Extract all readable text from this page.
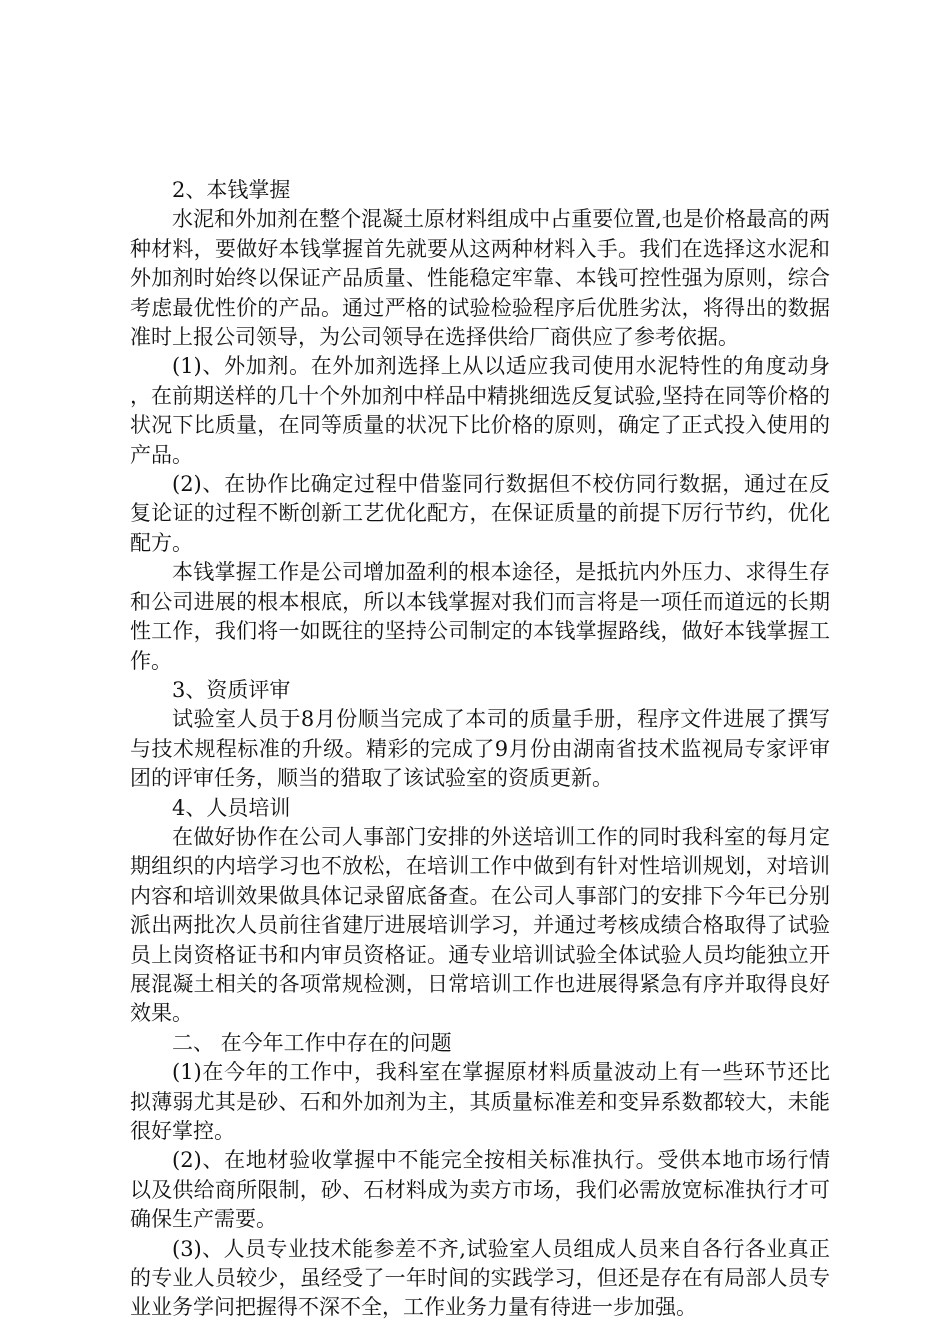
2、本钱掌握

水泥和外加剂在整个混凝土原材料组成中占重要位置,也是价格最高的两种材料，要做好本钱掌握首先就要从这两种材料入手。我们在选择这水泥和外加剂时始终以保证产品质量、性能稳定牢靠、本钱可控性强为原则，综合考虑最优性价的产品。通过严格的试验检验程序后优胜劣汰，将得出的数据准时上报公司领导，为公司领导在选择供给厂商供应了参考依据。

(1)、外加剂。在外加剂选择上从以适应我司使用水泥特性的角度动身，在前期送样的几十个外加剂中样品中精挑细选反复试验,坚持在同等价格的状况下比质量，在同等质量的状况下比价格的原则，确定了正式投入使用的产品。

(2)、在协作比确定过程中借鉴同行数据但不校仿同行数据，通过在反复论证的过程不断创新工艺优化配方，在保证质量的前提下厉行节约，优化配方。

本钱掌握工作是公司增加盈利的根本途径，是抵抗内外压力、求得生存和公司进展的根本根底，所以本钱掌握对我们而言将是一项任而道远的长期性工作，我们将一如既往的坚持公司制定的本钱掌握路线，做好本钱掌握工作。

3、资质评审

试验室人员于8月份顺当完成了本司的质量手册，程序文件进展了撰写与技术规程标准的升级。精彩的完成了9月份由湖南省技术监视局专家评审团的评审任务，顺当的猎取了该试验室的资质更新。

4、人员培训

在做好协作在公司人事部门安排的外送培训工作的同时我科室的每月定期组织的内培学习也不放松，在培训工作中做到有针对性培训规划，对培训内容和培训效果做具体记录留底备查。在公司人事部门的安排下今年已分别派出两批次人员前往省建厅进展培训学习，并通过考核成绩合格取得了试验员上岗资格证书和内审员资格证。通专业培训试验全体试验人员均能独立开展混凝土相关的各项常规检测，日常培训工作也进展得紧急有序并取得良好效果。

二、 在今年工作中存在的问题

(1)在今年的工作中，我科室在掌握原材料质量波动上有一些环节还比拟薄弱尤其是砂、石和外加剂为主，其质量标准差和变异系数都较大，未能很好掌控。

(2)、在地材验收掌握中不能完全按相关标准执行。受供本地市场行情以及供给商所限制，砂、石材料成为卖方市场，我们必需放宽标准执行才可确保生产需要。

(3)、人员专业技术能参差不齐,试验室人员组成人员来自各行各业真正的专业人员较少，虽经受了一年时间的实践学习，但还是存在有局部人员专业业务学问把握得不深不全，工作业务力量有待进一步加强。
